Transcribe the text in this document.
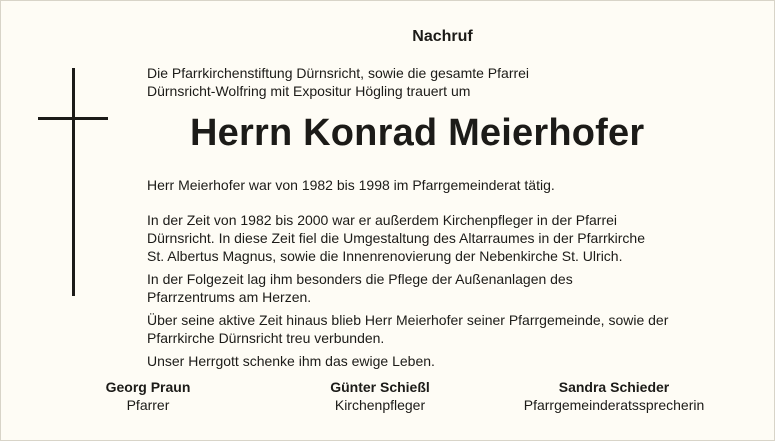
Nachruf
Die Pfarrkirchenstiftung Dürnsricht, sowie die gesamte Pfarrei
Dürnsricht-Wolfring mit Expositur Högling trauert um
Herrn Konrad Meierhofer

Herr Meierhofer war von 1982 bis 1998 im Pfarrgemeinderat tätig.

In der Zeit von 1982 bis 2000 war er außerdem Kirchenpfleger in der Pfarrei
Dürnsricht. In diese Zeit fiel die Umgestaltung des Altarraumes in der Pfarrkirche
St. Albertus Magnus, sowie die Innenrenovierung der Nebenkirche St. Ulrich.

In der Folgezeit lag ihm besonders die Pflege der Außenanlagen des
Pfarrzentrums am Herzen.

Über seine aktive Zeit hinaus blieb Herr Meierhofer seiner Pfarrgemeinde, sowie der
Pfarrkirche Dürnsricht treu verbunden.

Unser Herrgott schenke ihm das ewige Leben.

Georg Praun
Pfarrer
Günter Schießl
Kirchenpfleger
Sandra Schieder
Pfarrgemeinderatssprecherin
